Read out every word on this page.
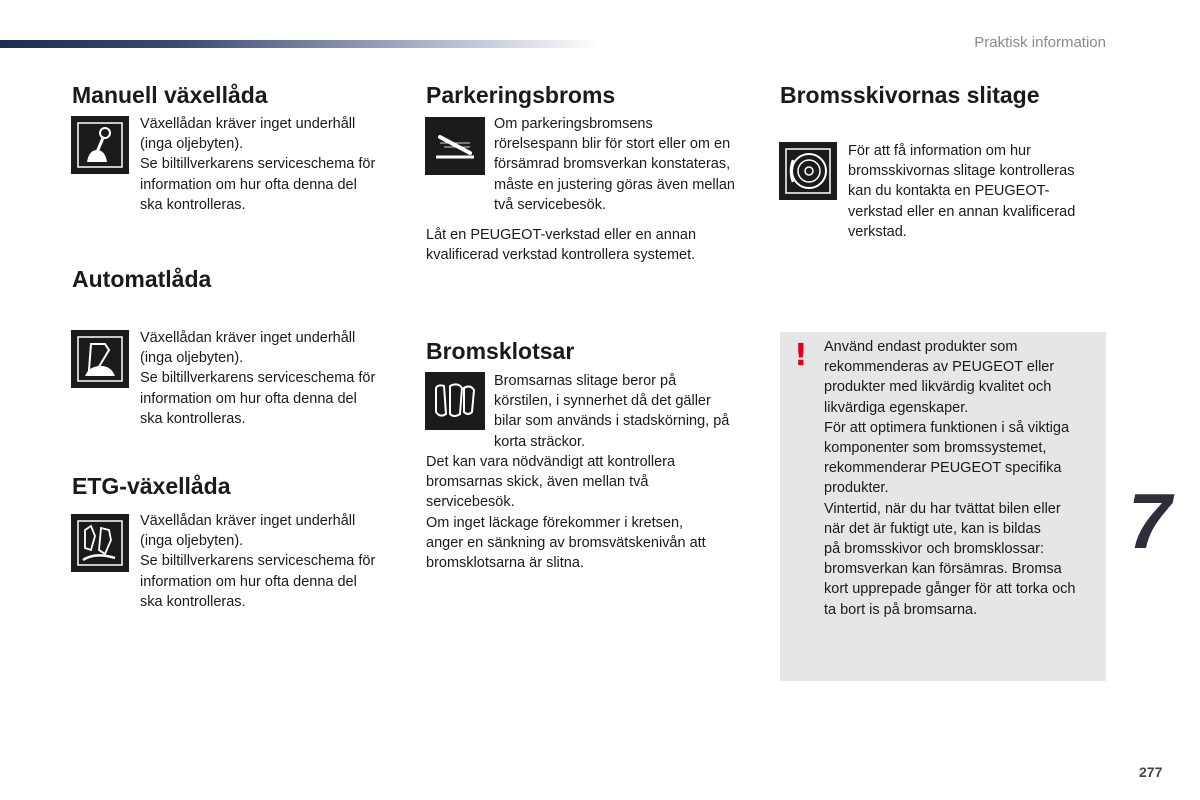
Praktisk information
Manuell växellåda

Växellådan kräver inget underhåll

(inga oljebyten).

Se biltillverkarens serviceschema för

information om hur ofta denna del

ska kontrolleras.

Automatlåda

Växellådan kräver inget underhåll

(inga oljebyten).

Se biltillverkarens serviceschema för

information om hur ofta denna del

ska kontrolleras.

ETG-växellåda

Växellådan kräver inget underhåll

(inga oljebyten).

Se biltillverkarens serviceschema för

information om hur ofta denna del

ska kontrolleras.

Parkeringsbroms

Om parkeringsbromsens

rörelsespann blir för stort eller om en

försämrad bromsverkan konstateras,

måste en justering göras även mellan

två servicebesök.

Låt en PEUGEOT-verkstad eller en annan

kvalificerad verkstad kontrollera systemet.

Bromsklotsar

Bromsarnas slitage beror på

körstilen, i synnerhet då det gäller

bilar som används i stadskörning, på

korta sträckor.

Det kan vara nödvändigt att kontrollera

bromsarnas skick, även mellan två

servicebesök.

Om inget läckage förekommer i kretsen,

anger en sänkning av bromsvätskenivån att

bromsklotsarna är slitna.

Bromsskivornas slitage

För att få information om hur

bromsskivornas slitage kontrolleras

kan du kontakta en PEUGEOT-

verkstad eller en annan kvalificerad

verkstad.

! Använd endast produkter som

rekommenderas av PEUGEOT eller

produkter med likvärdig kvalitet och

likvärdiga egenskaper.

För att optimera funktionen i så viktiga

komponenter som bromssystemet,

rekommenderar PEUGEOT specifika

produkter.

Vintertid, när du har tvättat bilen eller

när det är fuktigt ute, kan is bildas

på bromsskivor och bromsklossar:

bromsverkan kan försämras. Bromsa

kort upprepade gånger för att torka och

ta bort is på bromsarna.

7
277
